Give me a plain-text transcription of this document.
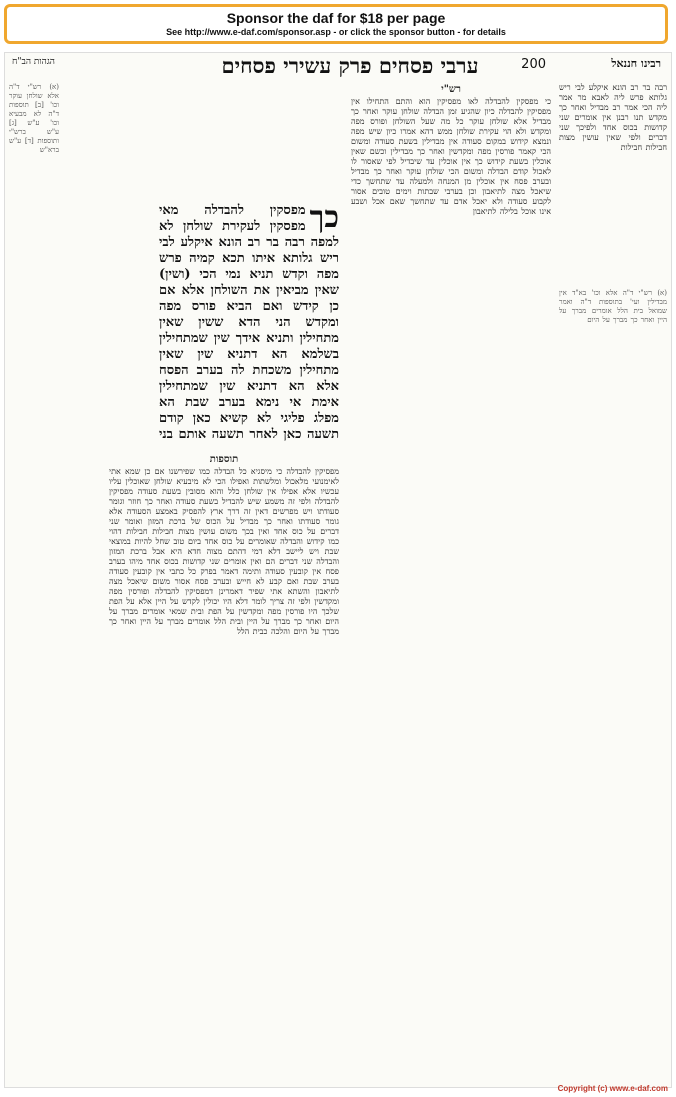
Sponsor the daf for $18 per page
See http://www.e-daf.com/sponsor.asp - or click the sponsor button - for details
רבינו חננאל
200
ערבי פסחים פרק עשירי פסחים
הגהות הב"ח
רבה בר רב הונא איקלע לבי ריש גלותא פרש ליה לאבא מר אמר ליה הכי אמר רב מבדיל ואחר כך מקדש תנו רבנן אין אומרים שני קדושות בכוס אחד ולפיכך שני דברים ולפי שאין עושין מצות חבילות חבילות
(א) רש"י ד"ה אלא וכו' בא"ד אין מבדילין ועי' בתוספות ד"ה ואמר שמואל בית הלל אומרים מברך על היין ואחר כך מברך על היום
רש"י
כי מפסקין להבדלה לאו מפסיקין הוא והתם התחילו אין מפסיקין להבדלה כיון שהגיע זמן הבדלה שולחן עוקר ואחר כך מבדיל אלא שולחן עוקר כל מה שעל השולחן ופורס מפה ומקדש ולא הוי עקירת שולחן ממש דהא אמרו כיון שיש מפה ונמצא קידוש במקום סעודה אין מבדילין בשעת סעודה ומשום הכי קאמר פורסין מפה ומקדשין ואחר כך מבדילין וכשם שאין אוכלין בשעת קידוש כך אין אוכלין עד שיבדיל לפי שאסור לו לאכול קודם הבדלה ומשום הכי שולחן עוקר ואחר כך מבדיל ובערב פסח אין אוכלין מן המנחה ולמעלה עד שתחשך כדי שיאכל מצה לתיאבון וכן בערבי שבתות וימים טובים אסור לקבוע סעודה ולא יאכל אדם עד שתחשך שאם אכל ושבע אינו אוכל בלילה לתיאבון
כך
מפסקין להבדלה מאי מפסקין לעקירת שולחן לא למפה רבה בר רב הונא איקלע לבי ריש גלותא איתו תכא קמיה פרש מפה וקדש תניא נמי הכי (ושין) שאין מביאין את השולחן אלא אם כן קידש ואם הביא פורס מפה ומקדש הני הדא ששין שאין מתחילין ותניא אידך שין שמתחילין בשלמא הא דתניא שין שאין מתחילין משכחת לה בערב הפסח אלא הא דתניא שין שמתחילין אימת אי נימא בערב שבת הא מפלג פליגי לא קשיא כאן קודם תשעה כאן לאחר תשעה אותם בני
תוספות
מפסיקין להבדלה כי מיסגיא כל הבדלה כמו שפירשנו אם כן שמא אתי לאימנועי מלאכול ומלשתות ואפילו הכי לא מיבעיא שולחן שאוכלין עליו עכשיו אלא אפילו אין שולחן כלל והוא מסובין בשעת סעודה מפסיקין להבדלה ולפי זה משמע שיש להבדיל בשעת סעודה ואחר כך חוזר וגומר סעודתו ויש מפרשים דאין זה דרך ארץ להפסיק באמצע הסעודה אלא גומר סעודתו ואחר כך מבדיל על הכוס של ברכת המזון ואומר שני דברים על כוס אחד ואין בכך משום עושין מצות חבילות חבילות דהוי כמו קידוש והבדלה שאומרים על כוס אחד ביום טוב שחל להיות במוצאי שבת ויש ליישב דלא דמי דהתם מצוה חדא היא אבל ברכת המזון והבדלה שני דברים הם ואין אומרים שני קדושות בכוס אחד מיהו בערב פסח אין קובעין סעודה ותימה דאמר בפרק כל כתבי אין קובעין סעודה בערב שבת ואם קבע לא חייש ובערב פסח אסור משום שיאכל מצה לתיאבון והשתא אתי שפיר דאמרינן דמפסיקין להבדלה ופורסין מפה ומקדשין ולפי זה צריך לומר דלא היו יכולין לקדש על היין אלא על הפת שלכך היו פורסין מפה ומקדשין על הפת ובית שמאי אומרים מברך על היום ואחר כך מברך על היין ובית הלל אומרים מברך על היין ואחר כך מברך על היום והלכה כבית הלל
(א) רש"י ד"ה אלא שולחן עוקר וכו' [ב] תוספות ד"ה לא מבעיא וכו' ע"ש [ג] ע"ש ברש"י ותוספות [ד] ע"ש ברא"ש
Copyright (c) www.e-daf.com
